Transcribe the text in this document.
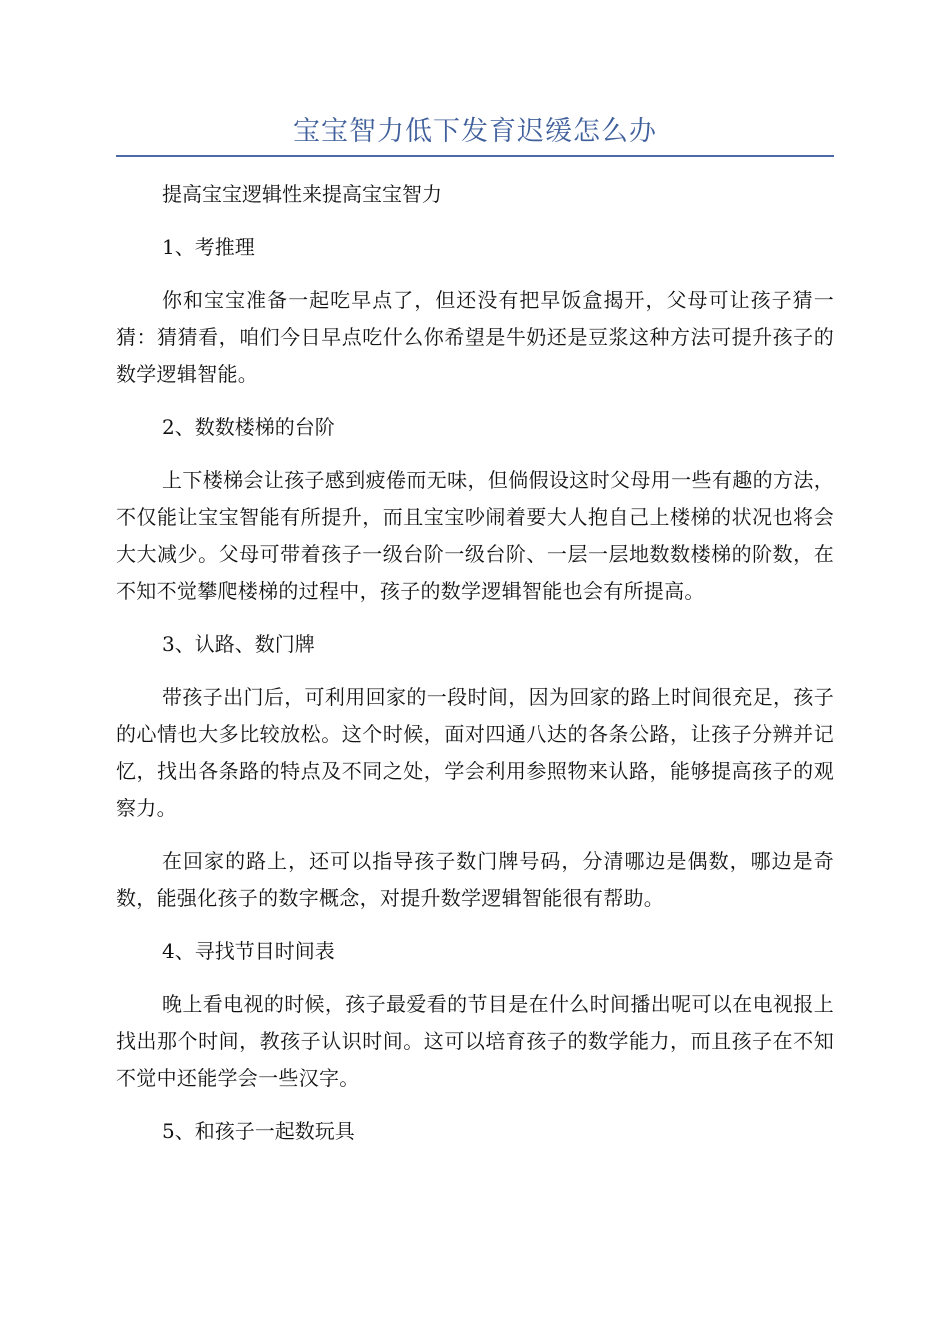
宝宝智力低下发育迟缓怎么办

提高宝宝逻辑性来提高宝宝智力

1、考推理

你和宝宝准备一起吃早点了，但还没有把早饭盒揭开，父母可让孩子猜一猜：猜猜看，咱们今日早点吃什么你希望是牛奶还是豆浆这种方法可提升孩子的数学逻辑智能。

2、数数楼梯的台阶

上下楼梯会让孩子感到疲倦而无味，但倘假设这时父母用一些有趣的方法，不仅能让宝宝智能有所提升，而且宝宝吵闹着要大人抱自己上楼梯的状况也将会大大减少。父母可带着孩子一级台阶一级台阶、一层一层地数数楼梯的阶数，在不知不觉攀爬楼梯的过程中，孩子的数学逻辑智能也会有所提高。

3、认路、数门牌

带孩子出门后，可利用回家的一段时间，因为回家的路上时间很充足，孩子的心情也大多比较放松。这个时候，面对四通八达的各条公路，让孩子分辨并记忆，找出各条路的特点及不同之处，学会利用参照物来认路，能够提高孩子的观察力。

在回家的路上，还可以指导孩子数门牌号码，分清哪边是偶数，哪边是奇数，能强化孩子的数字概念，对提升数学逻辑智能很有帮助。

4、寻找节目时间表

晚上看电视的时候，孩子最爱看的节目是在什么时间播出呢可以在电视报上找出那个时间，教孩子认识时间。这可以培育孩子的数学能力，而且孩子在不知不觉中还能学会一些汉字。

5、和孩子一起数玩具
